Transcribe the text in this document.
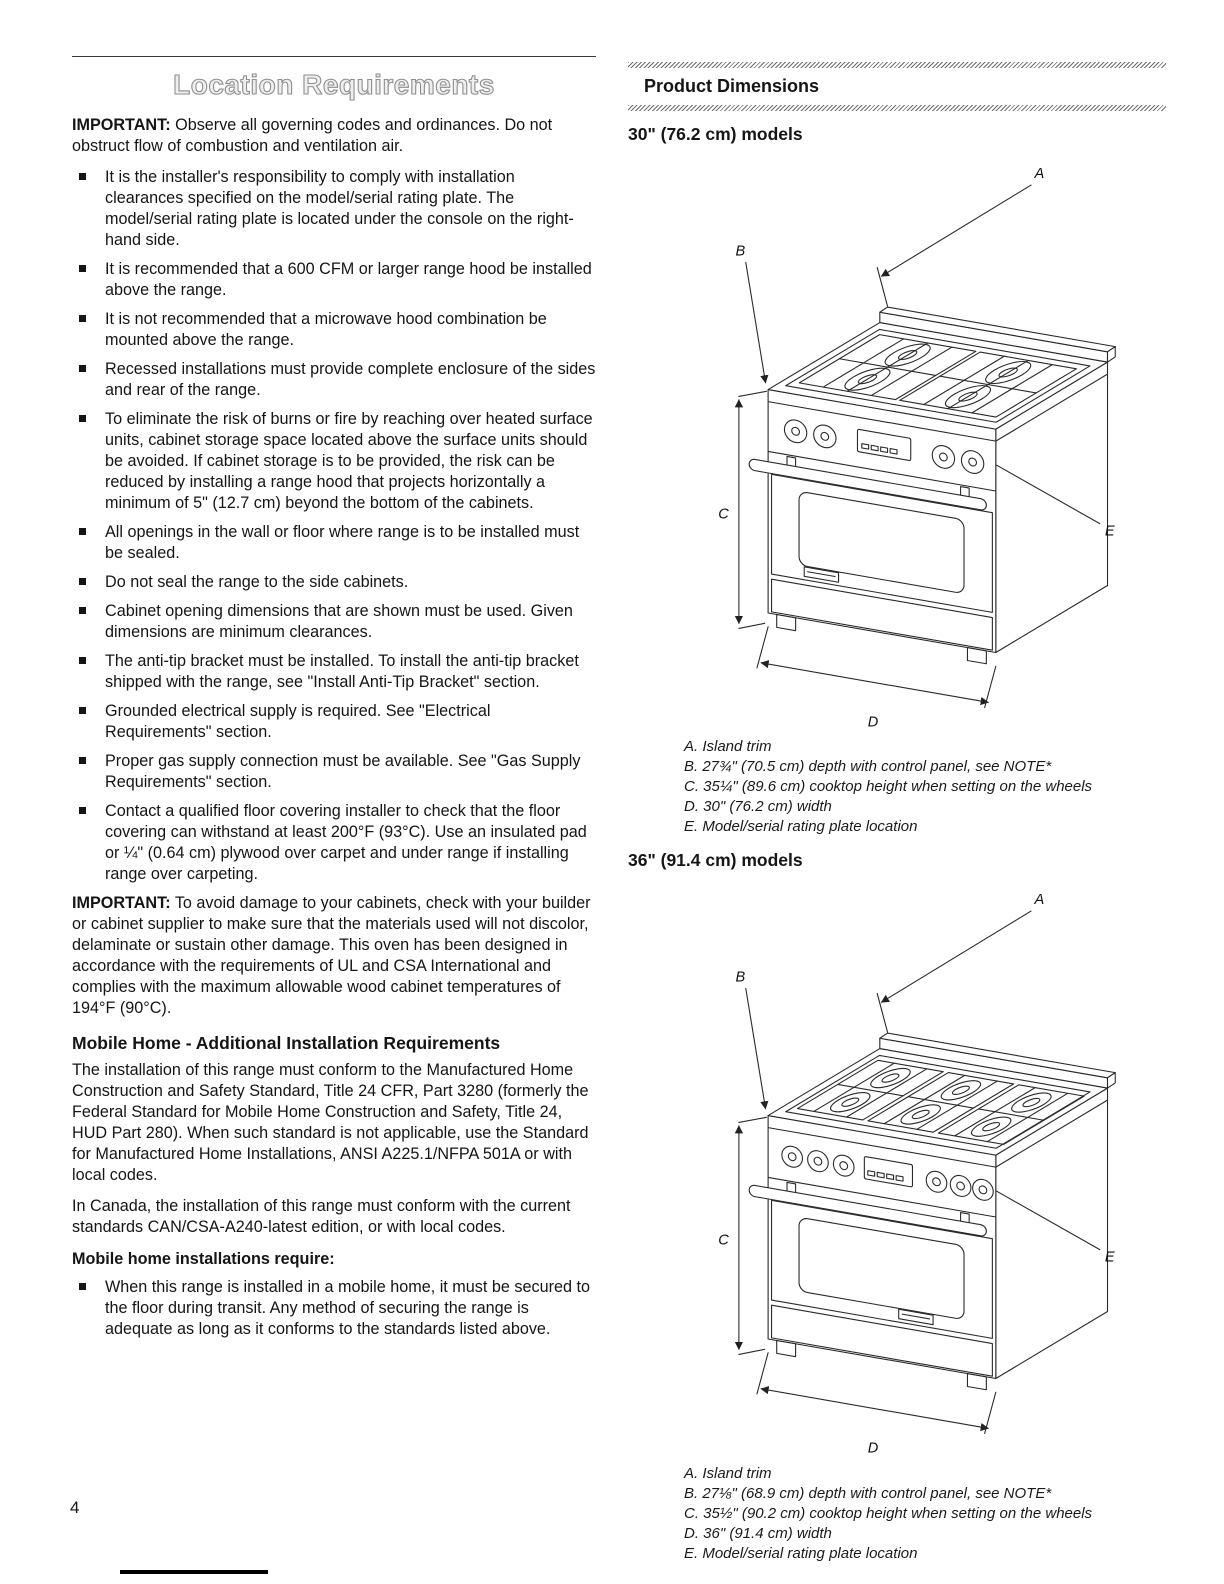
Location Requirements

IMPORTANT: Observe all governing codes and ordinances. Do not obstruct flow of combustion and ventilation air.

It is the installer's responsibility to comply with installation clearances specified on the model/serial rating plate. The model/serial rating plate is located under the console on the right-hand side.
It is recommended that a 600 CFM or larger range hood be installed above the range.
It is not recommended that a microwave hood combination be mounted above the range.
Recessed installations must provide complete enclosure of the sides and rear of the range.
To eliminate the risk of burns or fire by reaching over heated surface units, cabinet storage space located above the surface units should be avoided. If cabinet storage is to be provided, the risk can be reduced by installing a range hood that projects horizontally a minimum of 5" (12.7 cm) beyond the bottom of the cabinets.
All openings in the wall or floor where range is to be installed must be sealed.
Do not seal the range to the side cabinets.
Cabinet opening dimensions that are shown must be used. Given dimensions are minimum clearances.
The anti-tip bracket must be installed. To install the anti-tip bracket shipped with the range, see "Install Anti-Tip Bracket" section.
Grounded electrical supply is required. See "Electrical Requirements" section.
Proper gas supply connection must be available. See "Gas Supply Requirements" section.
Contact a qualified floor covering installer to check that the floor covering can withstand at least 200°F (93°C). Use an insulated pad or ¼" (0.64 cm) plywood over carpet and under range if installing range over carpeting.

IMPORTANT: To avoid damage to your cabinets, check with your builder or cabinet supplier to make sure that the materials used will not discolor, delaminate or sustain other damage. This oven has been designed in accordance with the requirements of UL and CSA International and complies with the maximum allowable wood cabinet temperatures of 194°F (90°C).

Mobile Home - Additional Installation Requirements

The installation of this range must conform to the Manufactured Home Construction and Safety Standard, Title 24 CFR, Part 3280 (formerly the Federal Standard for Mobile Home Construction and Safety, Title 24, HUD Part 280). When such standard is not applicable, use the Standard for Manufactured Home Installations, ANSI A225.1/NFPA 501A or with local codes.

In Canada, the installation of this range must conform with the current standards CAN/CSA-A240-latest edition, or with local codes.

Mobile home installations require:

When this range is installed in a mobile home, it must be secured to the floor during transit. Any method of securing the range is adequate as long as it conforms to the standards listed above.
Product Dimensions
30" (76.2 cm) models
A
B
C
D
E
A. Island trim
B. 27¾" (70.5 cm) depth with control panel, see NOTE*
C. 35¼" (89.6 cm) cooktop height when setting on the wheels
D. 30" (76.2 cm) width
E. Model/serial rating plate location
36" (91.4 cm) models
A
B
C
D
E
A. Island trim
B. 27⅛" (68.9 cm) depth with control panel, see NOTE*
C. 35½" (90.2 cm) cooktop height when setting on the wheels
D. 36" (91.4 cm) width
E. Model/serial rating plate location
4
